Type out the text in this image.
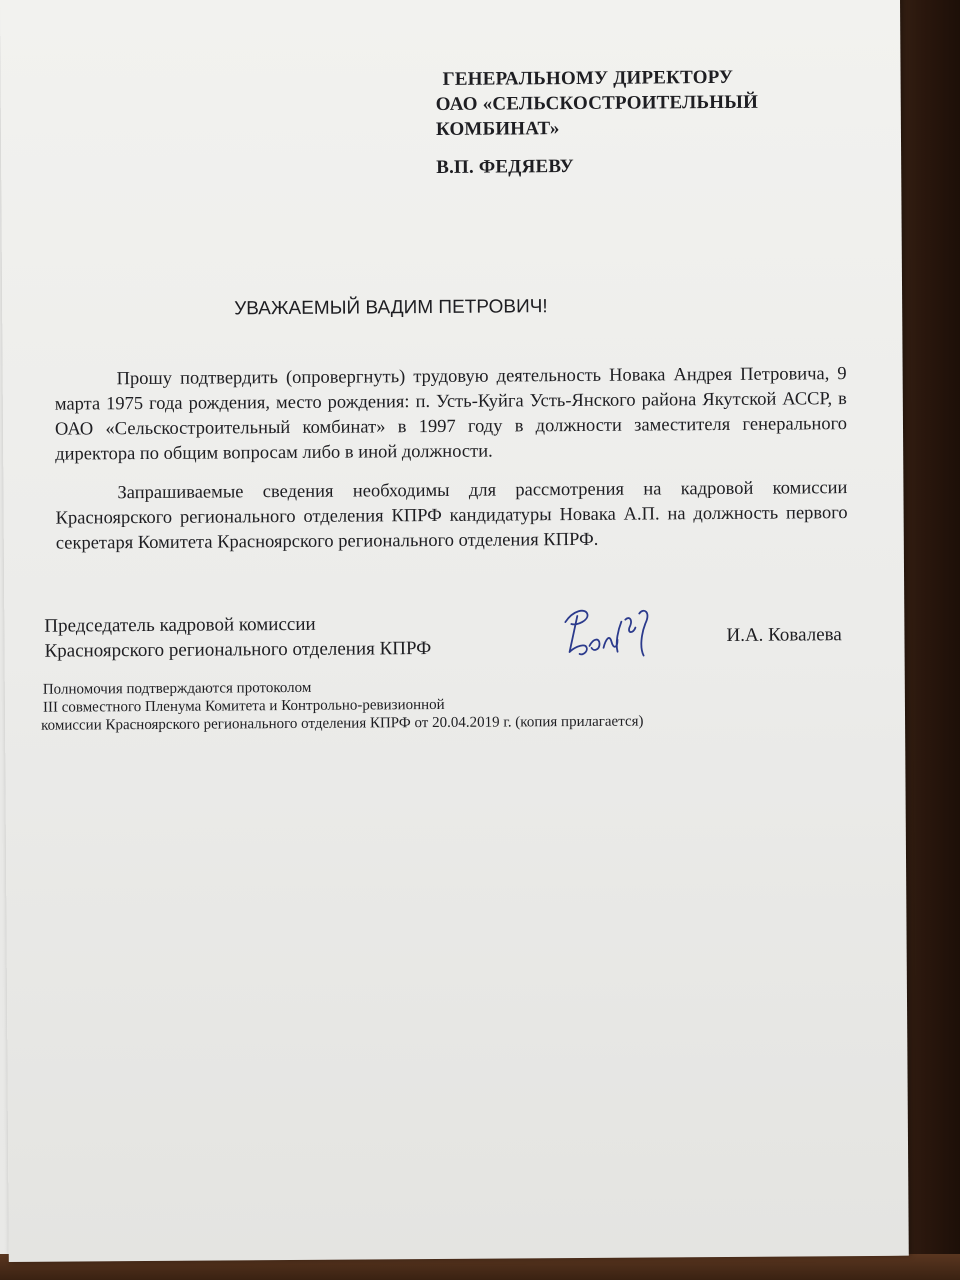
ГЕНЕРАЛЬНОМУ ДИРЕКТОРУ
ОАО «СЕЛЬСКОСТРОИТЕЛЬНЫЙ
КОМБИНАТ»
В.П. ФЕДЯЕВУ
УВАЖАЕМЫЙ ВАДИМ ПЕТРОВИЧ!

Прошу подтвердить (опровергнуть) трудовую деятельность Новака Андрея Петровича, 9 марта 1975 года рождения, место рождения: п. Усть-Куйга Усть-Янского района Якутской АССР, в ОАО «Сельскостроительный комбинат» в 1997 году в должности заместителя генерального директора по общим вопросам либо в иной должности.

Запрашиваемые сведения необходимы для рассмотрения на кадровой комиссии Красноярского регионального отделения КПРФ кандидатуры Новака А.П. на должность первого секретаря Комитета Красноярского регионального отделения КПРФ.

Председатель кадровой комиссии
Красноярского регионального отделения КПРФ
И.А. Ковалева
Полномочия подтверждаются протоколом
III совместного Пленума Комитета и Контрольно-ревизионной
комиссии Красноярского регионального отделения КПРФ от 20.04.2019 г. (копия прилагается)
